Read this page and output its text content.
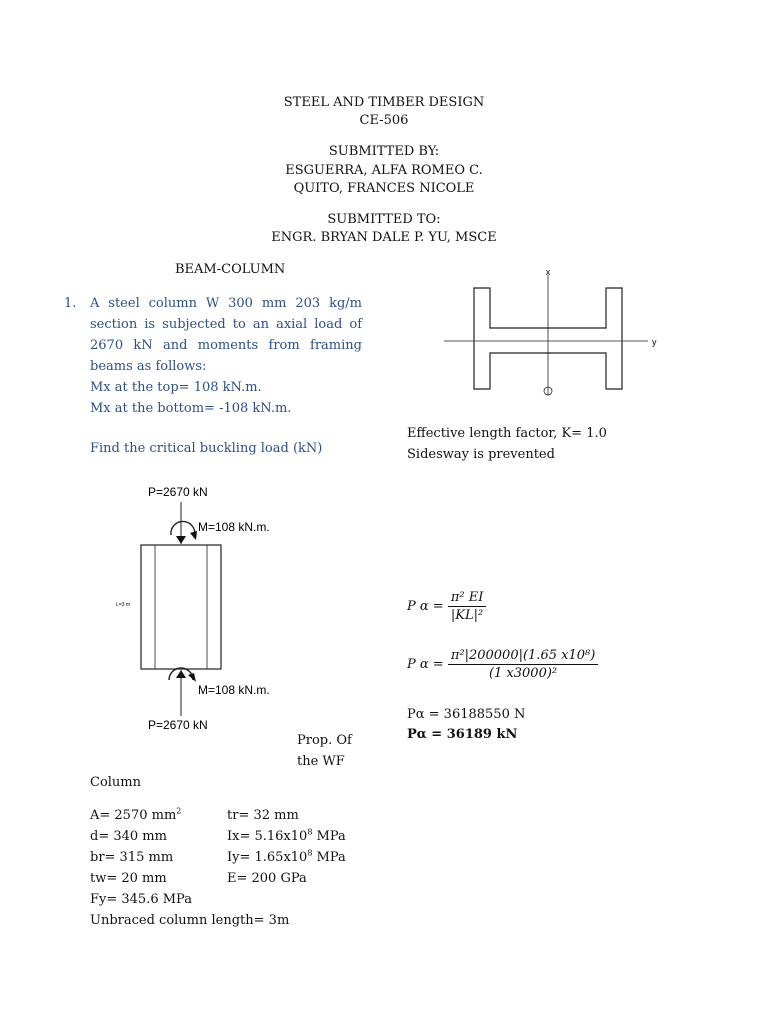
STEEL AND TIMBER DESIGN
CE-506
SUBMITTED BY:
ESGUERRA, ALFA ROMEO C.
QUITO, FRANCES NICOLE
SUBMITTED TO:
ENGR. BRYAN DALE P. YU, MSCE
BEAM-COLUMN
1. A steel column W 300 mm 203 kg/m
section is subjected to an axial load of
2670 kN and moments from framing
beams as follows:
Mx at the top= 108 kN.m.
Mx at the bottom= -108 kN.m.
Find the critical buckling load (kN)
x
y
Effective length factor, K= 1.0
Sidesway is prevented
P=2670 kN
M=108 kN.m.
L=3 m
M=108 kN.m.
P=2670 kN
P $\alpha = \frac{\text{π² EI}}{\text{|KL|²}}$
P $\alpha = \frac{\text{π²|200000|(1.65 x10⁸)}}{\text{(1 x3000)²}}$
Pα = 36188550 N
Pα = 36189 kN
Prop. Of
the WF
Column
A= 2570 $mm^2$	tr= 32 mm
d= 340 mm	$Ix= 5.16x10^8$ MPa
br= 315 mm	$Iy= 1.65x10^8$ MPa
tw= 20 mm	E= 200 GPa
Fy= 345.6 MPa	
Unbraced column length= 3m	
